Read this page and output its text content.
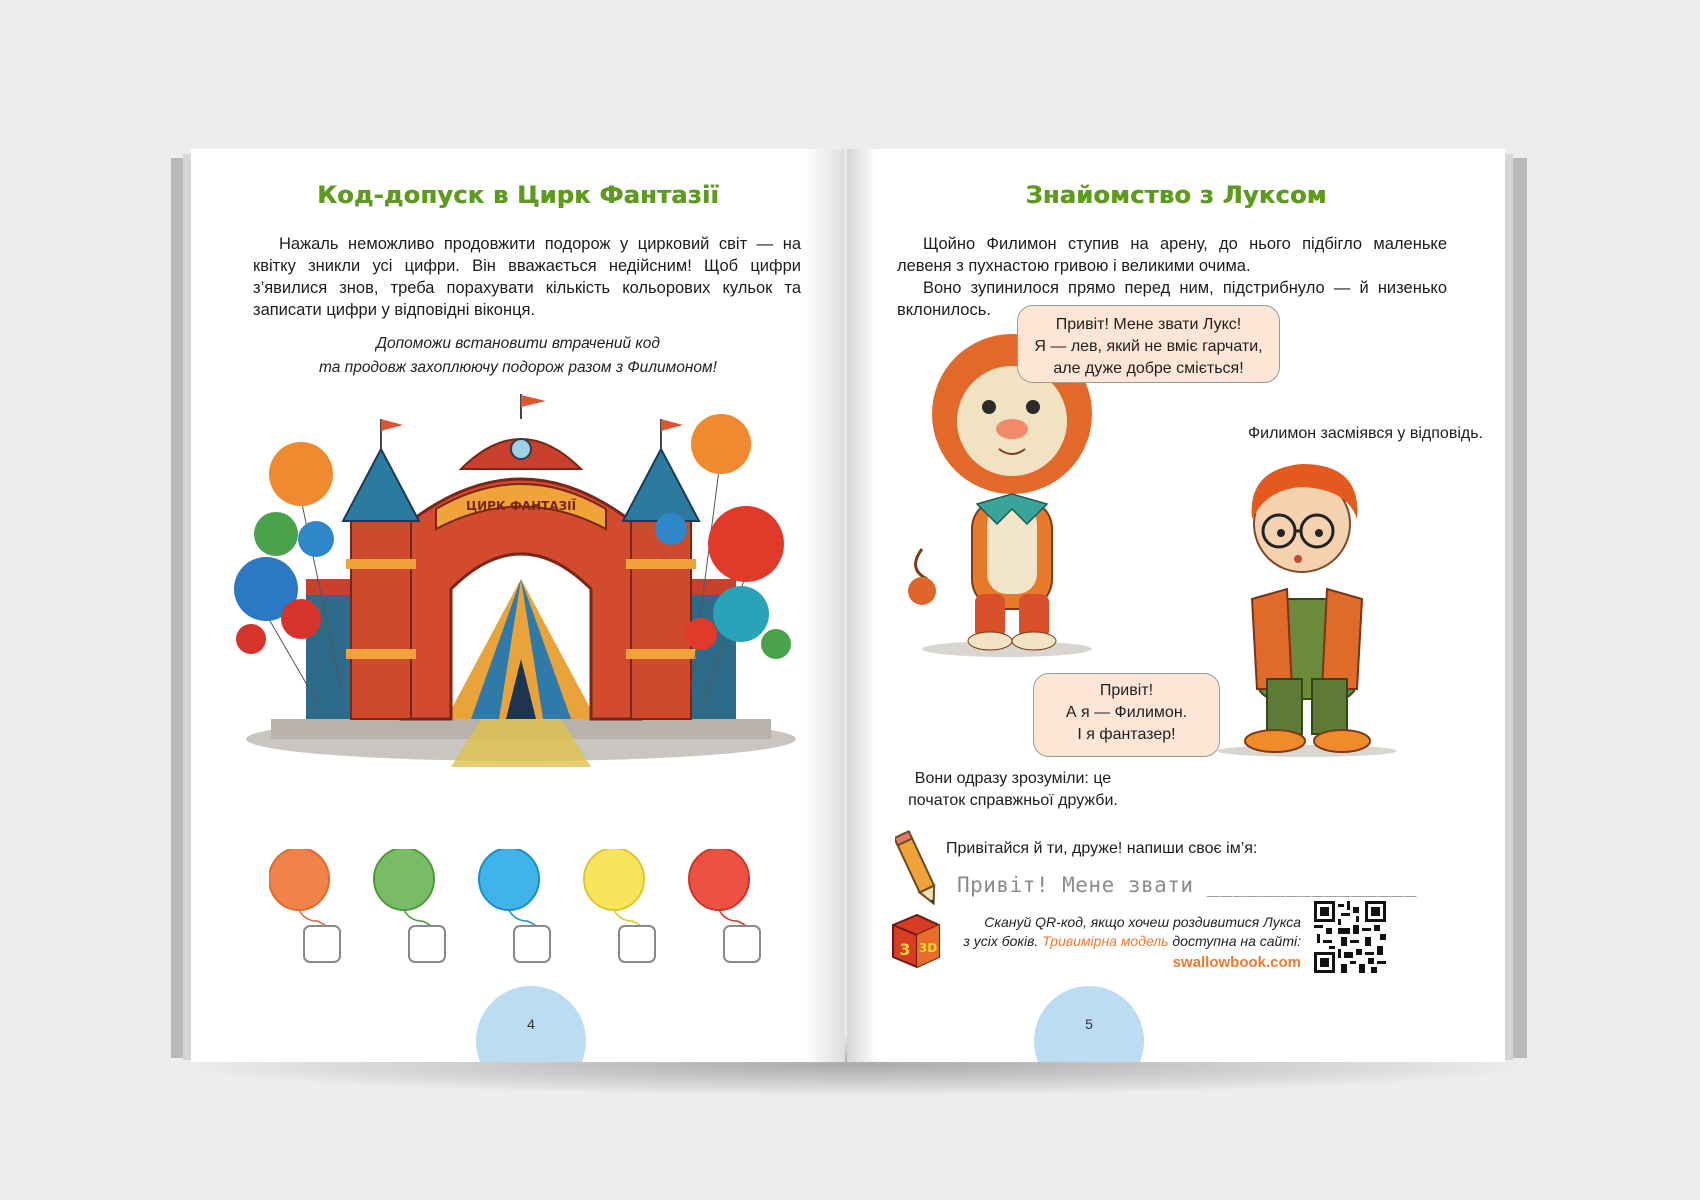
Код-допуск в Цирк Фантазії

Нажаль неможливо продовжити подорож у цирковий світ — на квітку зникли усі цифри. Він вважається недійсним! Щоб цифри з’явилися знов, треба порахувати кількість кольорових кульок та записати цифри у відповідні віконця.

Допоможи встановити втрачений код
та продовж захоплюючу подорож разом з Филимоном!
ЦИРК ФАНТАЗІЇ
4
Знайомство з Луксом

Щойно Филимон ступив на арену, до нього підбігло маленьке левеня з пухнастою гривою і великими очима.

Воно зупинилося прямо перед ним, підстрибнуло — й низенько вклонилось.

Привіт! Мене звати Лукс!
Я — лев, який не вміє гарчати,
але дуже добре сміється!
Филимон засміявся у відповідь.
Привіт!
А я — Филимон.
І я фантазер!
Вони одразу зрозуміли: це
початок справжньої дружби.
Привітайся й ти, друже! напиши своє ім’я:
Привіт! Мене звати ________________
3 3D
Скануй QR-код, якщо хочеш роздивитися Лукса
з усіх боків. Тривимірна модель доступна на сайті:
swallowbook.com
5
